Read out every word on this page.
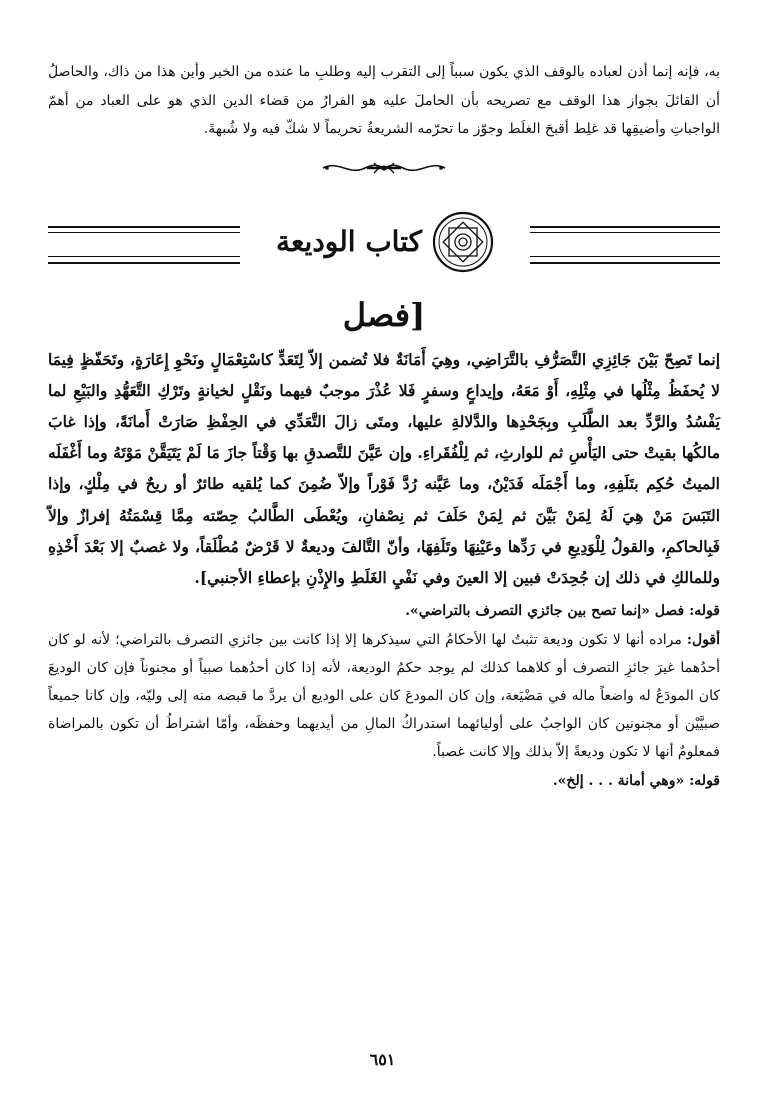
به، فإنه إنما أذن لعباده بالوقف الذي يكون سبباً إلى التقرب إليه وطلبِ ما عنده من الخير وأين هذا من ذاك، والحاصلُ أن القائلَ بجواز هذا الوقف مع تصريحه بأن الحاملَ عليه هو الفرارُ من قضاء الدين الذي هو على العباد من أهمّ الواجباتِ وأضيقِها قد غلِط أقبحَ الغلَط وجوّز ما تحرّمه الشريعةُ تحريماً لا شكّ فيه ولا شُبهةَ.

كتاب الوديعة
[فصل

إنما تَصِحّ بَيْنَ جَائِزِي التَّصَرُّفِ بالتَّرَاضِي، وهِيَ أَمَانَةٌ فلا تُضمن إلاّ لِتَعَدٍّ كاسْتِعْمَالٍ ونَحْوِ إِعَارَةٍ، وتَحَفّظٍ فِيمَا لا يُحفَظُ مِثْلُها في مِثْلِهِ، أَوْ مَعَهُ، وإيداعٍ وسفرٍ فَلا عُذْرَ موجبٌ فيهما ونَقْلٍ لخيانةٍ وتَرْكِ التَّعَهُّدِ والبَيْعِ لما يَفْسُدُ والرَّدِّ بعد الطَّلَبِ وبِجَحْدِها والدَّلالةِ عليها، ومتَى زالَ التَّعَدِّي في الحِفْظِ صَارَتْ أَمانَةً، وإذا غابَ مالكُها بقيتْ حتى اليَأْسِ ثم للوارثِ، ثم لِلْفُقَراءِ. وإن عَيَّنَ للتَّصدقِ بها وَقْتاً جازَ مَا لَمْ يَتَيَقَّنْ مَوْتَهُ وما أَغْفَلَه الميتُ حُكِم بتَلَفِهِ، وما أَجْمَلَه فَدَيْنٌ، وما عَيَّنه رُدَّ فَوْراً وإلاّ ضُمِنَ كما يُلقيه طائرٌ أو ريحٌ في مِلْكٍ، وإذا التَبَسَ مَنْ هِيَ لَهُ لِمَنْ بَيَّنَ ثم لِمَنْ حَلَفَ ثم نِصْفانِ، ويُعْطَى الطَّالبُ حِصّته مِمَّا قِسْمَتُهُ إفرازٌ وإلاّ فَبِالحاكمِ، والقولُ لِلْوَدِيعِ في رَدِّها وعَيْنِهَا وتَلَفِهَا، وأنّ التَّالفَ وديعةٌ لا قَرْضٌ مُطْلَقاً، ولا غصبٌ إلا بَعْدَ أَخْذِهِ وللمالكِ في ذلك إن جُحِدَتْ فبين إلا العينَ وفي نَفْيِ الغَلَطِ والإِذْنِ بإعطاءِ الأجنبي].

قوله: فصل «إنما تصح بين جائزي التصرف بالتراضي».

أقول: مراده أنها لا تكون وديعة تثبتُ لها الأحكامُ التي سيذكرها إلا إذا كانت بين جائزي التصرف بالتراضي؛ لأنه لو كان أحدُهما غيرَ جائزِ التصرف أو كلاهما كذلك لم يوجد حكمُ الوديعة، لأنه إذا كان أحدُهما صبياً أو مجنوناً فإن كان الوديعَ كان المودَعُ له واضعاً ماله في مَضْيَعة، وإن كان المودعَ كان على الوديع أن يردَّ ما قبضه منه إلى وليّه، وإن كانا جميعاً صبيَّيْن أو مجنونين كان الواجبُ على أوليائهما استدراكُ المالِ من أيديهما وحفظَه، وأمّا اشتراطُ أن تكون بالمراضاة فمعلومٌ أنها لا تكون وديعةً إلاّ بذلك وإلا كانت غصباً.

قوله: «وهي أمانة . . . إلخ».

٦٥١
